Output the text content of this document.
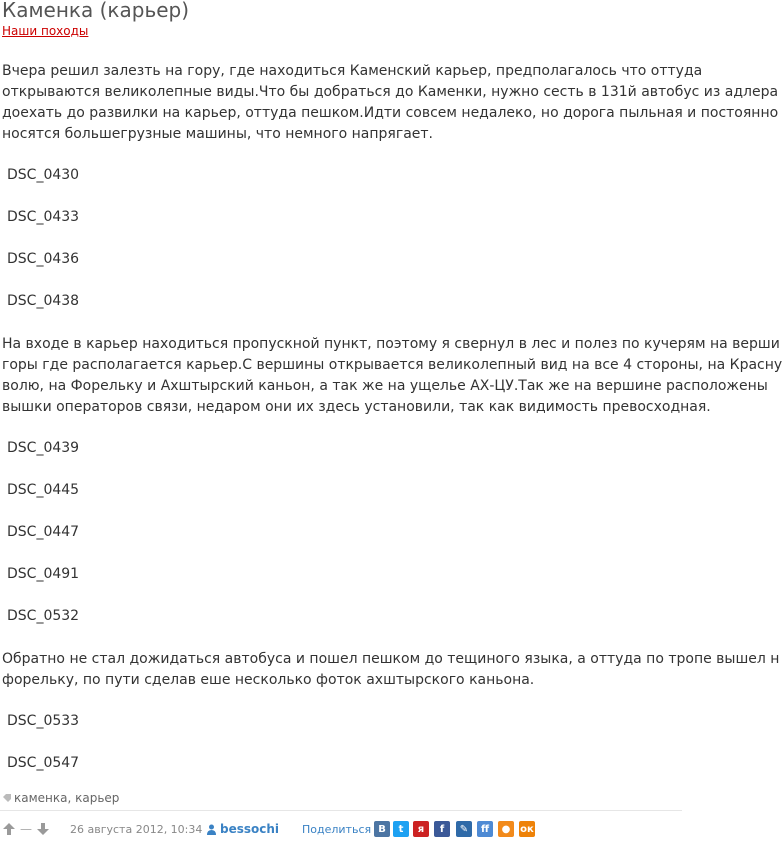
Каменка (карьер)
Наши походы

Вчера решил залезть на гору, где находиться Каменский карьер, предполагалось что оттуда
открываются великолепные виды.Что бы добраться до Каменки, нужно сесть в 131й автобус из адлера
доехать до развилки на карьер, оттуда пешком.Идти совсем недалеко, но дорога пыльная и постоянно
носятся большегрузные машины, что немного напрягает.

DSC_0430
DSC_0433
DSC_0436
DSC_0438

На входе в карьер находиться пропускной пункт, поэтому я свернул в лес и полез по кучерям на верши
горы где располагается карьер.С вершины открывается великолепный вид на все 4 стороны, на Красну
волю, на Форельку и Ахштырский каньон, а так же на ущелье АХ-ЦУ.Так же на вершине расположены
вышки операторов связи, недаром они их здесь установили, так как видимость превосходная.

DSC_0439
DSC_0445
DSC_0447
DSC_0491
DSC_0532

Обратно не стал дожидаться автобуса и пошел пешком до тещиного языка, а оттуда по тропе вышел н
форельку, по пути сделав еше несколько фоток ахштырского каньона.

DSC_0533
DSC_0547
каменка, карьер
—	26 августа 2012, 10:34 bessochi Поделиться B	t	я	f	✎	ff	● ок
